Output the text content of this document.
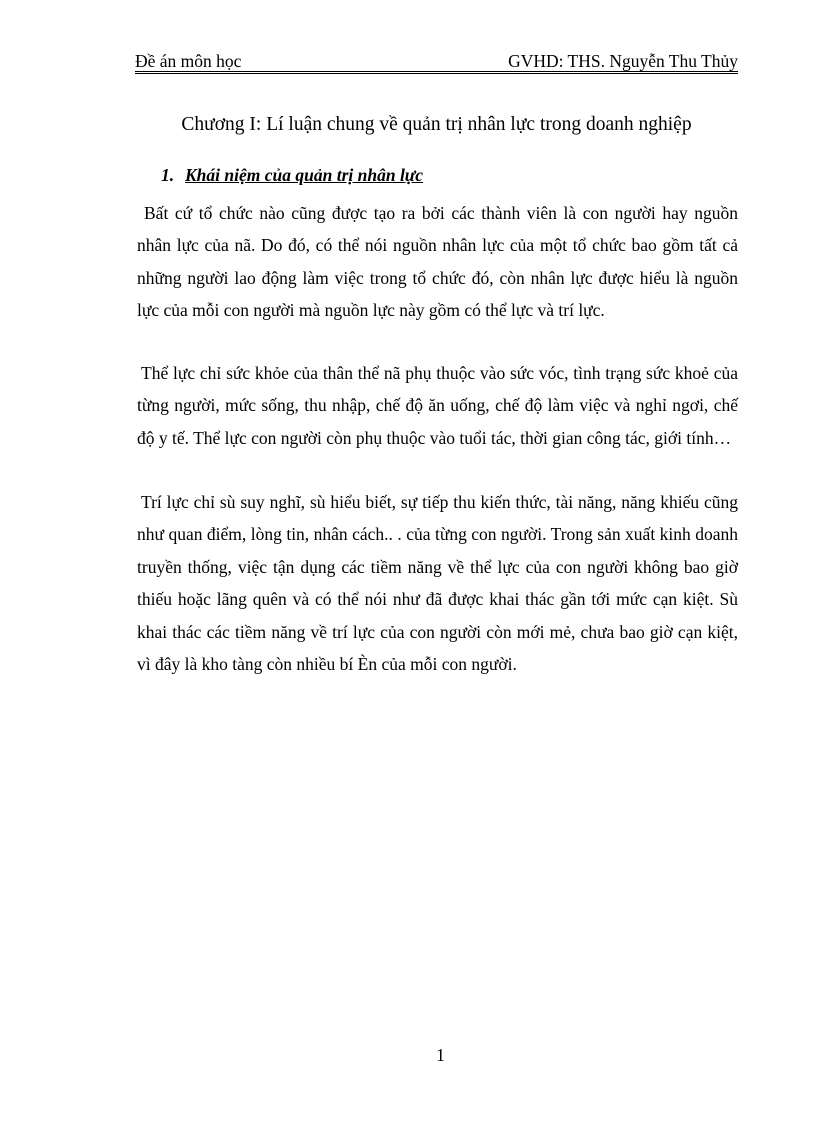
Đề án môn học	GVHD: THS. Nguyễn Thu Thủy
Chương I: Lí luận chung về quản trị nhân lực trong doanh nghiệp
1. Khái niệm của quản trị nhân lực

Bất cứ tổ chức nào cũng được tạo ra bởi các thành viên là con người hay nguồn nhân lực của nã. Do đó, có thể nói nguồn nhân lực của một tổ chức bao gồm tất cả những người lao động làm việc trong tổ chức đó, còn nhân lực được hiểu là nguồn lực của mỗi con người mà nguồn lực này gồm có thể lực và trí lực.

Thể lực chỉ sức khỏe của thân thể nã phụ thuộc vào sức vóc, tình trạng sức khoẻ của từng người, mức sống, thu nhập, chế độ ăn uống, chế độ làm việc và nghỉ ngơi, chế độ y tế. Thể lực con người còn phụ thuộc vào tuổi tác, thời gian công tác, giới tính…

Trí lực chỉ sù suy nghĩ, sù hiểu biết, sự tiếp thu kiến thức, tài năng, năng khiếu cũng như quan điểm, lòng tin, nhân cách.. . của từng con người. Trong sản xuất kinh doanh truyền thống, việc tận dụng các tiềm năng về thể lực của con người không bao giờ thiếu hoặc lãng quên và có thể nói như đã được khai thác gần tới mức cạn kiệt. Sù khai thác các tiềm năng về trí lực của con người còn mới mẻ, chưa bao giờ cạn kiệt, vì đây là kho tàng còn nhiều bí Èn của mỗi con người.

1
